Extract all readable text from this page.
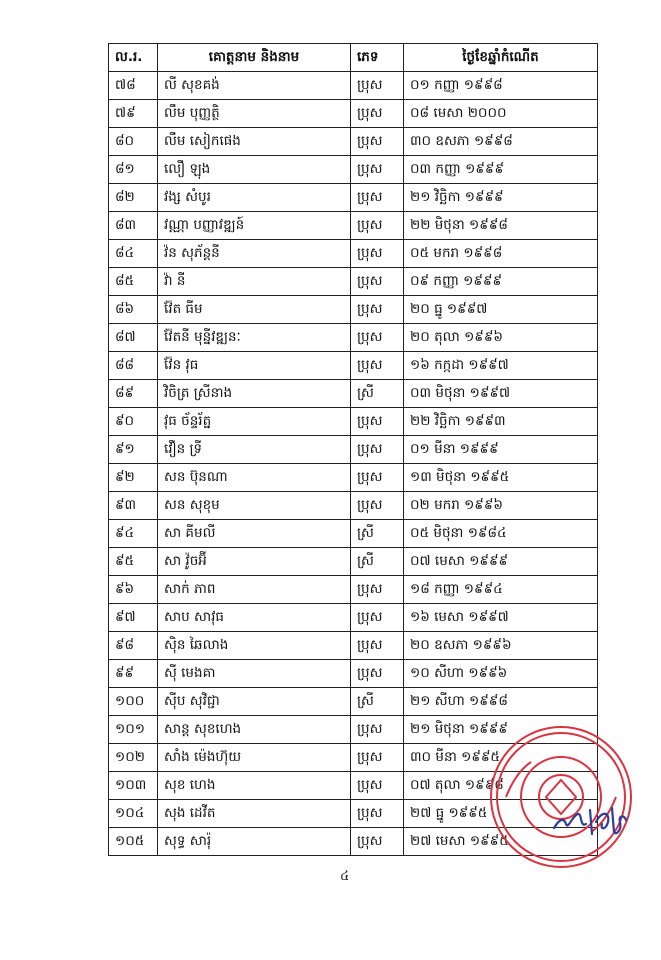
ល.រ.	គោត្តនាម និងនាម	ភេទ	ថ្ងៃខែឆ្នាំកំណើត
៧៨	លី សុខគង់	ប្រុស	០១ កញ្ញា ១៩៩៨
៧៩	លឹម បុញ្ញត្ថិ	ប្រុស	០៨ មេសា ២០០០
៨០	លឹម សៀកផេង	ប្រុស	៣០ ឧសភា ១៩៩៨
៨១	លឿ ឡុង	ប្រុស	០៣ កញ្ញា ១៩៩៩
៨២	វង្ស សំបូរ	ប្រុស	២១ វិច្ឆិកា ១៩៩៩
៨៣	វណ្ណា បញ្ញាវឌ្ឍន៍	ប្រុស	២២ មិថុនា ១៩៩៨
៨៤	វ៉ន សុភ័ន្តនី	ប្រុស	០៥ មករា ១៩៩៨
៨៥	វ៉ា នី	ប្រុស	០៩ កញ្ញា ១៩៩៩
៨៦	វ៉ែត ធីម	ប្រុស	២០ ធ្នូ ១៩៩៧
៨៧	វ៉ែតនី មុន្នីវឌ្ឍនៈ	ប្រុស	២០ តុលា ១៩៩៦
៨៨	វ៉ែន វុធ	ប្រុស	១៦ កក្កដា ១៩៩៧
៨៩	វិចិត្រ ស្រីនាង	ស្រី	០៣ មិថុនា ១៩៩៧
៩០	វុធ ច័ន្ទរ័ត្ន	ប្រុស	២២ វិច្ឆិកា ១៩៩៣
៩១	វឿន ទ្រី	ប្រុស	០១ មីនា ១៩៩៩
៩២	សន ប៊ុនណា	ប្រុស	១៣ មិថុនា ១៩៩៥
៩៣	សន សុខុម	ប្រុស	០២ មករា ១៩៩៦
៩៤	សា គីមលី	ស្រី	០៥ មិថុនា ១៩៨៤
៩៥	សា វ៉ូចអ៊ី	ស្រី	០៧ មេសា ១៩៩៩
៩៦	សាក់ ភាព	ប្រុស	១៨ កញ្ញា ១៩៩៤
៩៧	សាប សាវុធ	ប្រុស	១៦ មេសា ១៩៩៧
៩៨	ស៊ិន ឆៃលាង	ប្រុស	២០ ឧសភា ១៩៩៦
៩៩	ស៊ី មេងគា	ប្រុស	១០ សីហា ១៩៩៦
១០០	ស៊ីប សុវិជ្ជា	ស្រី	២១ សីហា ១៩៩៨
១០១	សាន្ត សុខហេង	ប្រុស	២១ មិថុនា ១៩៩៩
១០២	សាំង ម៉េងហ៊ុយ	ប្រុស	៣០ មីនា ១៩៩៥
១០៣	សុខ ហេង	ប្រុស	០៧ តុលា ១៩៩៨
១០៤	សុង ដេវីត	ប្រុស	២៧ ធ្នូ ១៩៩៥
១០៥	សុទ្ធ សារ៉ុ	ប្រុស	២៧ មេសា ១៩៩៥
៤
